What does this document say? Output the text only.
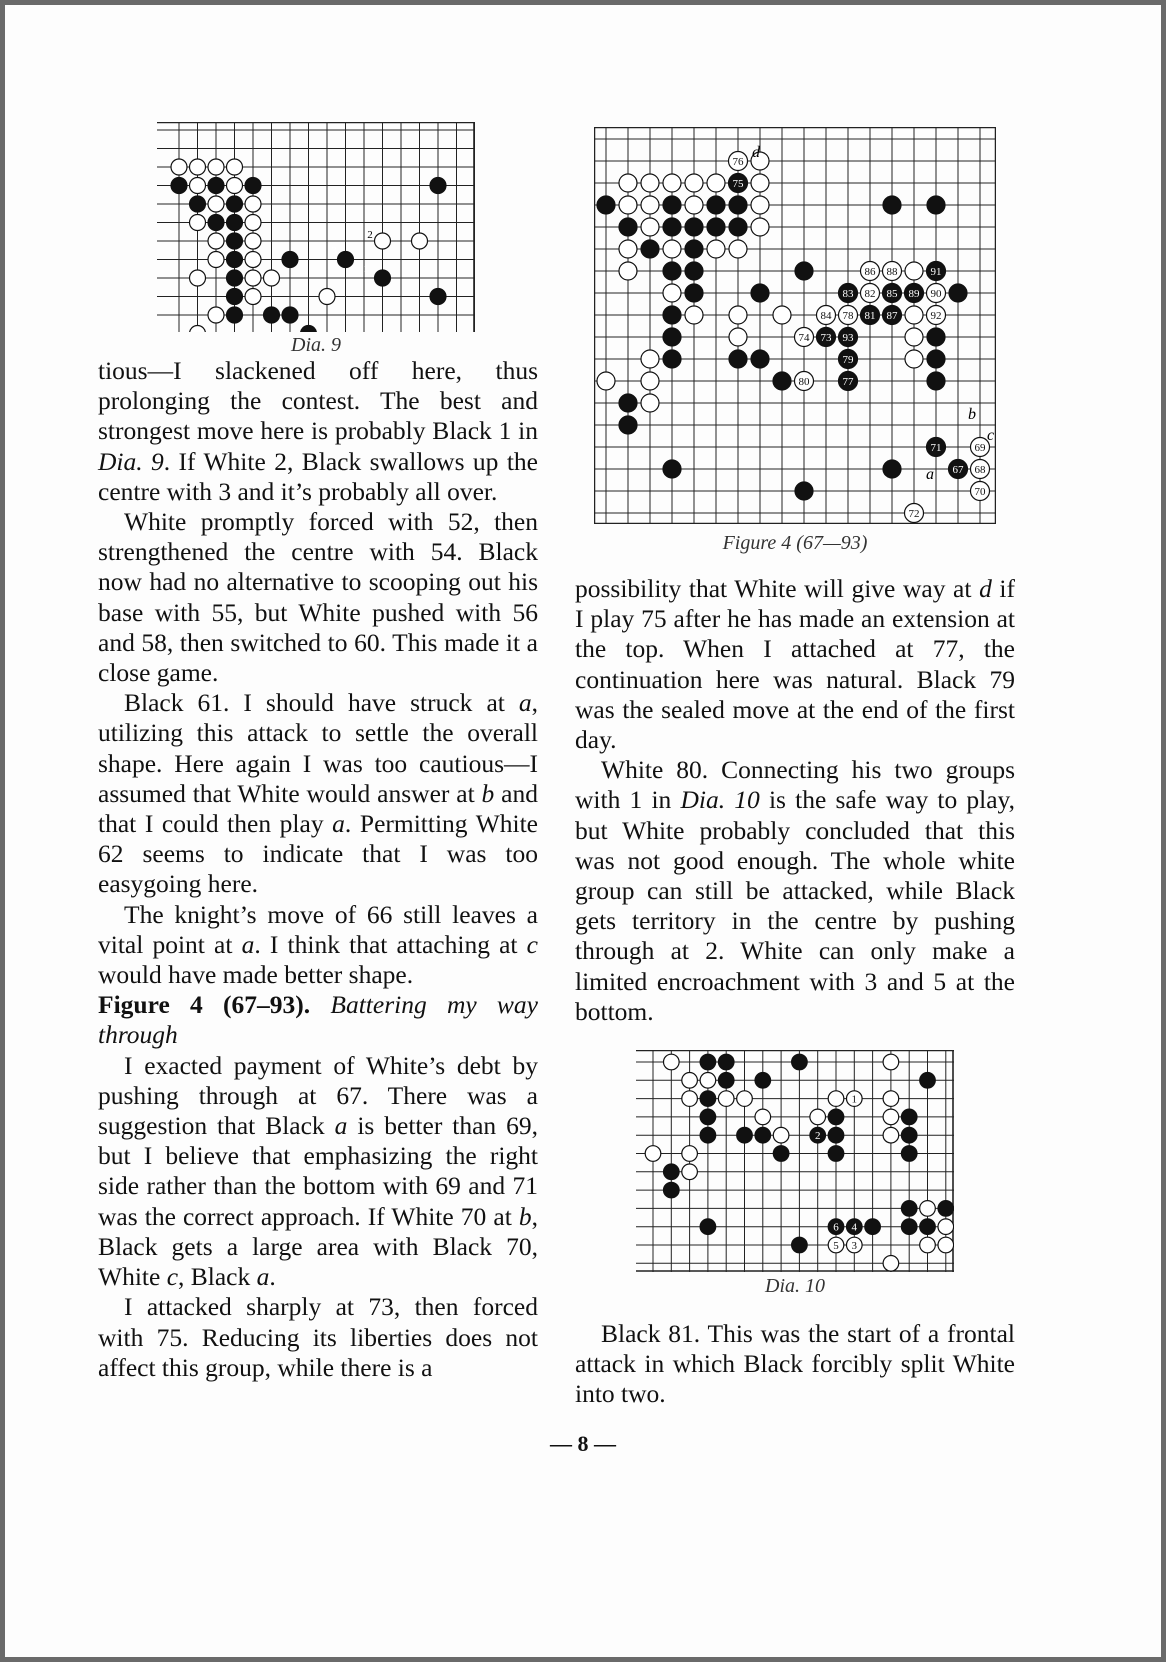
2
1
3
Dia. 9

tious—I slackened off here, thus prolonging the contest. The best and strongest move here is probably Black 1 in Dia. 9. If White 2, Black swallows up the centre with 3 and it’s probably all over.

White promptly forced with 52, then strengthened the centre with 54. Black now had no alternative to scooping out his base with 55, but White pushed with 56 and 58, then switched to 60. This made it a close game.

Black 61. I should have struck at a, utilizing this attack to settle the overall shape. Here again I was too cautious—I assumed that White would answer at b and that I could then play a. Permitting White 62 seems to indicate that I was too easygoing here.

The knight’s move of 66 still leaves a vital point at a. I think that attaching at c would have made better shape.

Figure 4 (67–93). Battering my way through

I exacted payment of White’s debt by pushing through at 67. There was a suggestion that Black a is better than 69, but I believe that emphasizing the right side rather than the bottom with 69 and 71 was the correct approach. If White 70 at b, Black gets a large area with Black 70, White c, Black a.

I attacked sharply at 73, then forced with 75. Reducing its liberties does not affect this group, while there is a

76
75
86 88	91
83 82 85 89 90
84 78 81 87	92
74 73 93
79
80	77
71	69
67 68
70
72
d
b
c
a
Figure 4 (67—93)

possibility that White will give way at d if I play 75 after he has made an extension at the top. When I attached at 77, the continuation here was natural. Black 79 was the sealed move at the end of the first day.

White 80. Connecting his two groups with 1 in Dia. 10 is the safe way to play, but White probably concluded that this was not good enough. The whole white group can still be attacked, while Black gets territory in the centre by pushing through at 2. White can only make a limited encroachment with 3 and 5 at the bottom.

1
2
6 4
5 3
Dia. 10

Black 81. This was the start of a frontal attack in which Black forcibly split White into two.

— 8 —
